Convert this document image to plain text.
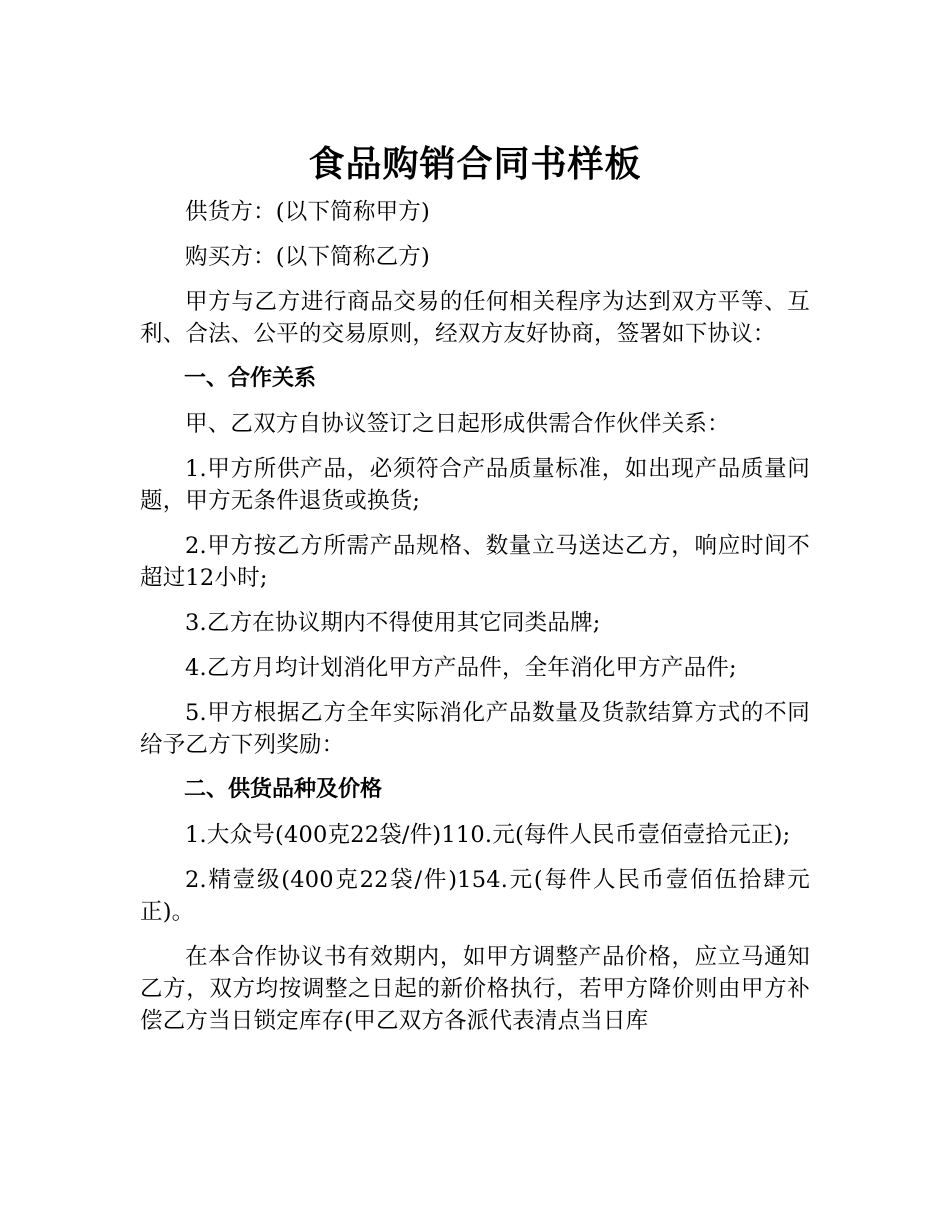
食品购销合同书样板

供货方：(以下简称甲方)

购买方：(以下简称乙方)

甲方与乙方进行商品交易的任何相关程序为达到双方平等、互利、合法、公平的交易原则，经双方友好协商，签署如下协议：

一、合作关系

甲、乙双方自协议签订之日起形成供需合作伙伴关系：

1.甲方所供产品，必须符合产品质量标准，如出现产品质量问题，甲方无条件退货或换货;

2.甲方按乙方所需产品规格、数量立马送达乙方，响应时间不超过12小时;

3.乙方在协议期内不得使用其它同类品牌;

4.乙方月均计划消化甲方产品件，全年消化甲方产品件;

5.甲方根据乙方全年实际消化产品数量及货款结算方式的不同给予乙方下列奖励：

二、供货品种及价格

1.大众号(400克22袋/件)110.元(每件人民币壹佰壹拾元正);

2.精壹级(400克22袋/件)154.元(每件人民币壹佰伍拾肆元正)。

在本合作协议书有效期内，如甲方调整产品价格，应立马通知乙方，双方均按调整之日起的新价格执行，若甲方降价则由甲方补偿乙方当日锁定库存(甲乙双方各派代表清点当日库
